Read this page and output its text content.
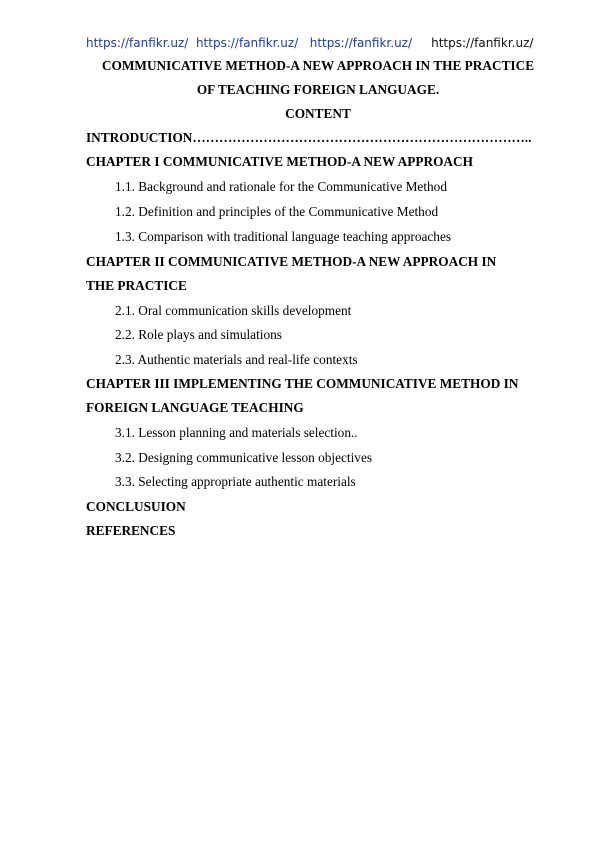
https://fanfikr.uz/ https://fanfikr.uz/ https://fanfikr.uz/ https://fanfikr.uz/
COMMUNICATIVE METHOD-A NEW APPROACH IN THE PRACTICE
OF TEACHING FOREIGN LANGUAGE.
CONTENT
INTRODUCTION…………………………………………………………………..
CHAPTER I COMMUNICATIVE METHOD-A NEW APPROACH
1.1. Background and rationale for the Communicative Method
1.2. Definition and principles of the Communicative Method
1.3. Comparison with traditional language teaching approaches
CHAPTER II COMMUNICATIVE METHOD-A NEW APPROACH IN
THE PRACTICE
2.1. Oral communication skills development
2.2. Role plays and simulations
2.3. Authentic materials and real-life contexts
CHAPTER III IMPLEMENTING THE COMMUNICATIVE METHOD IN
FOREIGN LANGUAGE TEACHING
3.1. Lesson planning and materials selection..
3.2. Designing communicative lesson objectives
3.3. Selecting appropriate authentic materials
CONCLUSUION
REFERENCES
